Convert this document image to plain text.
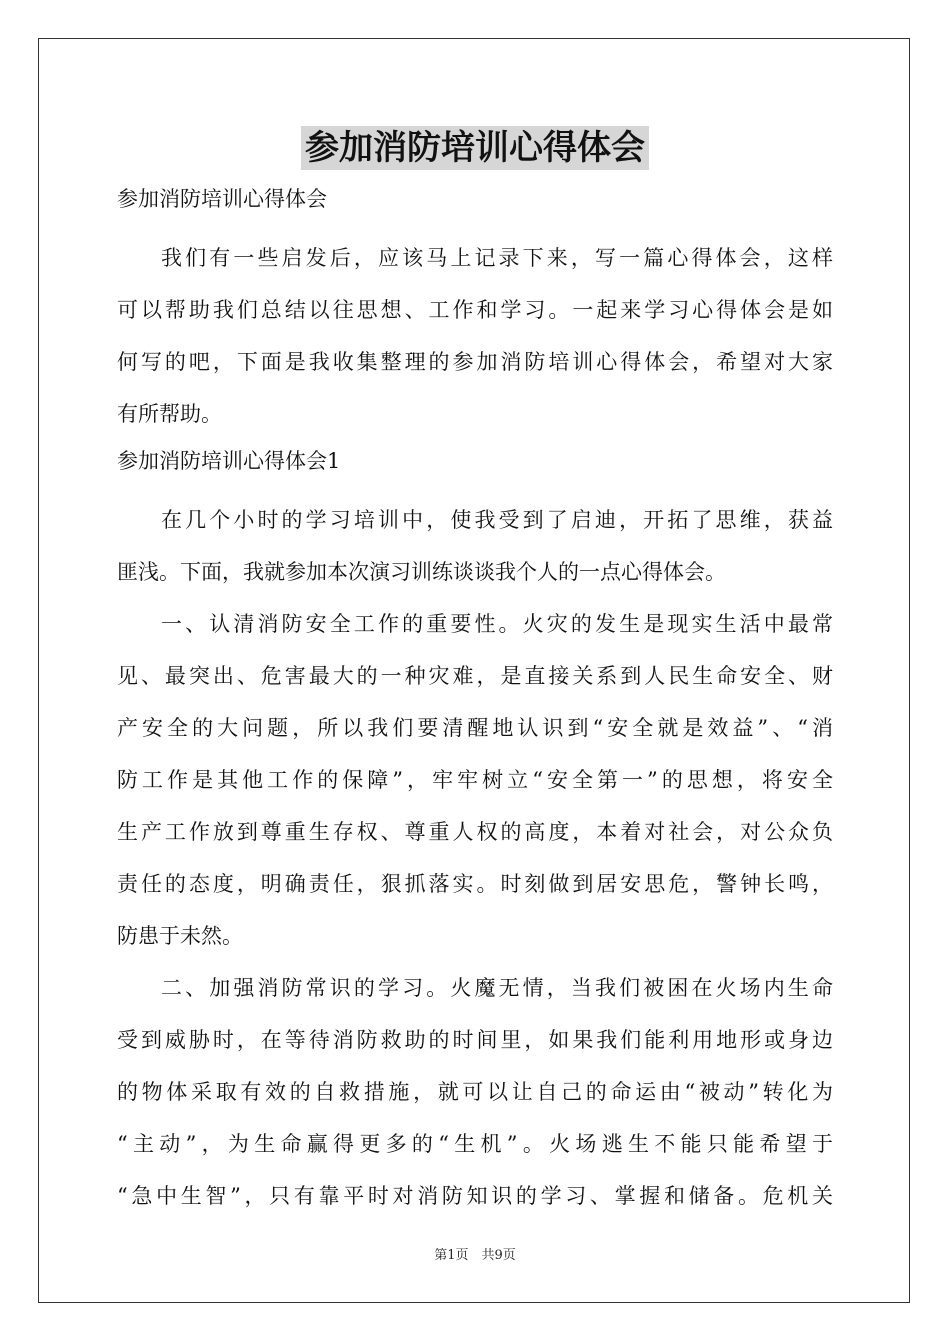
参加消防培训心得体会
参加消防培训心得体会
我们有一些启发后，应该马上记录下来，写一篇心得体会，这样
可以帮助我们总结以往思想、工作和学习。一起来学习心得体会是如
何写的吧，下面是我收集整理的参加消防培训心得体会，希望对大家
有所帮助。
参加消防培训心得体会1
在几个小时的学习培训中，使我受到了启迪，开拓了思维，获益
匪浅。下面，我就参加本次演习训练谈谈我个人的一点心得体会。
一、认清消防安全工作的重要性。火灾的发生是现实生活中最常
见、最突出、危害最大的一种灾难，是直接关系到人民生命安全、财
产安全的大问题，所以我们要清醒地认识到“安全就是效益”、“消
防工作是其他工作的保障”，牢牢树立“安全第一”的思想，将安全
生产工作放到尊重生存权、尊重人权的高度，本着对社会，对公众负
责任的态度，明确责任，狠抓落实。时刻做到居安思危，警钟长鸣，
防患于未然。
二、加强消防常识的学习。火魔无情，当我们被困在火场内生命
受到威胁时，在等待消防救助的时间里，如果我们能利用地形或身边
的物体采取有效的自救措施，就可以让自己的命运由“被动”转化为
“主动”，为生命赢得更多的“生机”。火场逃生不能只能希望于
“急中生智”，只有靠平时对消防知识的学习、掌握和储备。危机关
第1页　共9页
